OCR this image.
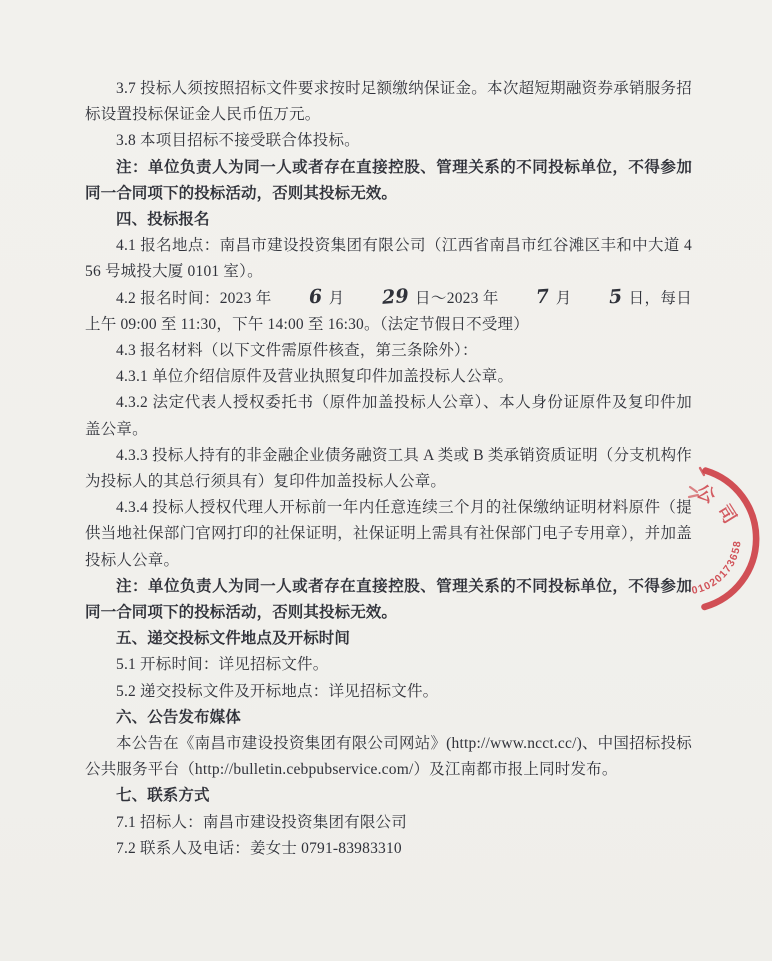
3.7 投标人须按照招标文件要求按时足额缴纳保证金。本次超短期融资券承销服务招标设置投标保证金人民币伍万元。

3.8 本项目招标不接受联合体投标。

注：单位负责人为同一人或者存在直接控股、管理关系的不同投标单位，不得参加同一合同项下的投标活动，否则其投标无效。

四、投标报名

4.1 报名地点：南昌市建设投资集团有限公司（江西省南昌市红谷滩区丰和中大道 456 号城投大厦 0101 室）。

4.2 报名时间：2023 年 6 月 29 日～2023 年 7 月 5 日，每日上午 09:00 至 11:30，下午 14:00 至 16:30。（法定节假日不受理）

4.3 报名材料（以下文件需原件核查，第三条除外）：

4.3.1 单位介绍信原件及营业执照复印件加盖投标人公章。

4.3.2 法定代表人授权委托书（原件加盖投标人公章）、本人身份证原件及复印件加盖公章。

4.3.3 投标人持有的非金融企业债务融资工具 A 类或 B 类承销资质证明（分支机构作为投标人的其总行须具有）复印件加盖投标人公章。

4.3.4 投标人授权代理人开标前一年内任意连续三个月的社保缴纳证明材料原件（提供当地社保部门官网打印的社保证明，社保证明上需具有社保部门电子专用章），并加盖投标人公章。

注：单位负责人为同一人或者存在直接控股、管理关系的不同投标单位，不得参加同一合同项下的投标活动，否则其投标无效。

五、递交投标文件地点及开标时间

5.1 开标时间：详见招标文件。

5.2 递交投标文件及开标地点：详见招标文件。

六、公告发布媒体

本公告在《南昌市建设投资集团有限公司网站》(http://www.ncct.cc/)、中国招标投标公共服务平台（http://bulletin.cebpubservice.com/）及江南都市报上同时发布。

七、联系方式

7.1 招标人：南昌市建设投资集团有限公司

7.2 联系人及电话：姜女士 0791-83983310

公
司
01020173658
